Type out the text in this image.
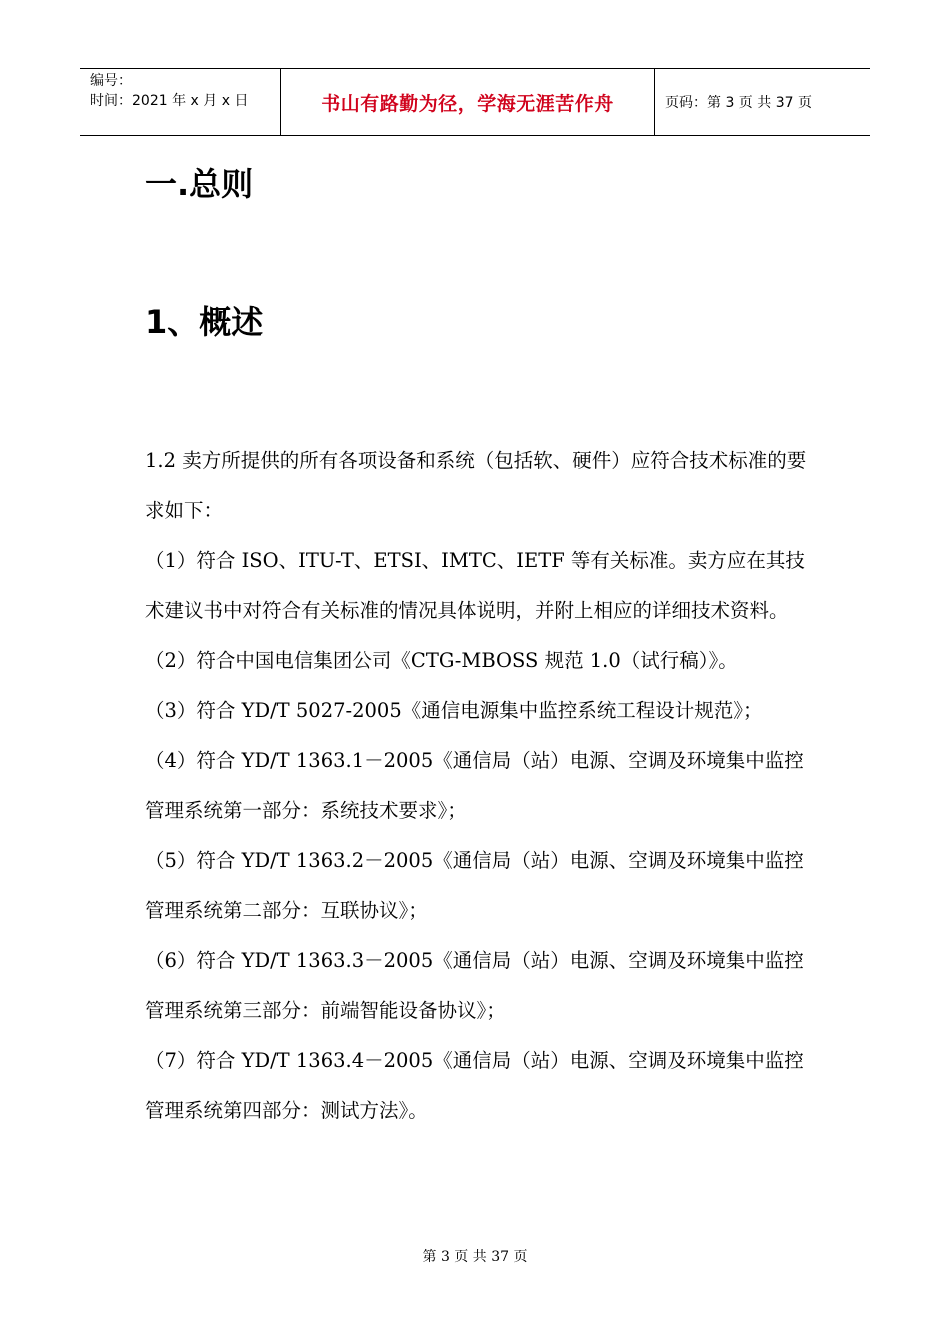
编号：
时间：2021 年 x 月 x 日	书山有路勤为径，学海无涯苦作舟	页码：第 3 页 共 37 页
一.总则
1、概述

1.2 卖方所提供的所有各项设备和系统（包括软、硬件）应符合技术标准的要求如下：

（1）符合 ISO、ITU-T、ETSI、IMTC、IETF 等有关标准。卖方应在其技术建议书中对符合有关标准的情况具体说明，并附上相应的详细技术资料。

（2）符合中国电信集团公司《CTG-MBOSS 规范 1.0（试行稿）》。

（3）符合 YD/T 5027-2005《通信电源集中监控系统工程设计规范》；

（4）符合 YD/T 1363.1－2005《通信局（站）电源、空调及环境集中监控管理系统第一部分：系统技术要求》；

（5）符合 YD/T 1363.2－2005《通信局（站）电源、空调及环境集中监控管理系统第二部分：互联协议》；

（6）符合 YD/T 1363.3－2005《通信局（站）电源、空调及环境集中监控管理系统第三部分：前端智能设备协议》；

（7）符合 YD/T 1363.4－2005《通信局（站）电源、空调及环境集中监控管理系统第四部分：测试方法》。

第 3 页 共 37 页
